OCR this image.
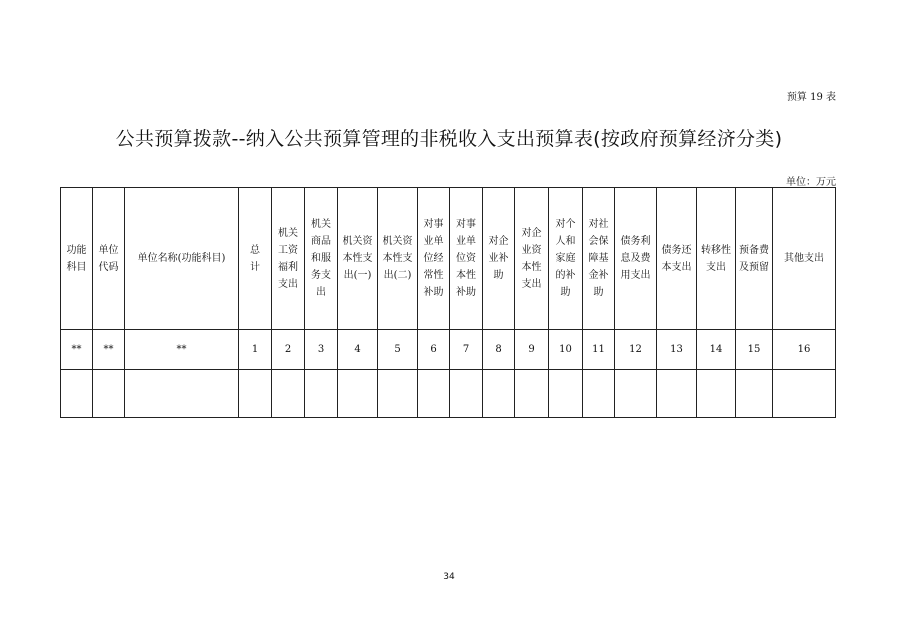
预算 19 表
公共预算拨款--纳入公共预算管理的非税收入支出预算表(按政府预算经济分类)
单位：万元
功能科目	单位代码	单位名称(功能科目)	总计	机关工资福利支出	机关商品和服务支出	机关资本性支出(一)	机关资本性支出(二)	对事业单位经常性补助	对事业单位资本性补助	对企业补助	对企业资本性支出	对个人和家庭的补助	对社会保障基金补助	债务利息及费用支出	债务还本支出	转移性支出	预备费及预留	其他支出
**	**	**	1	2	3	4	5	6	7	8	9	10	11	12	13	14	15	16

34
